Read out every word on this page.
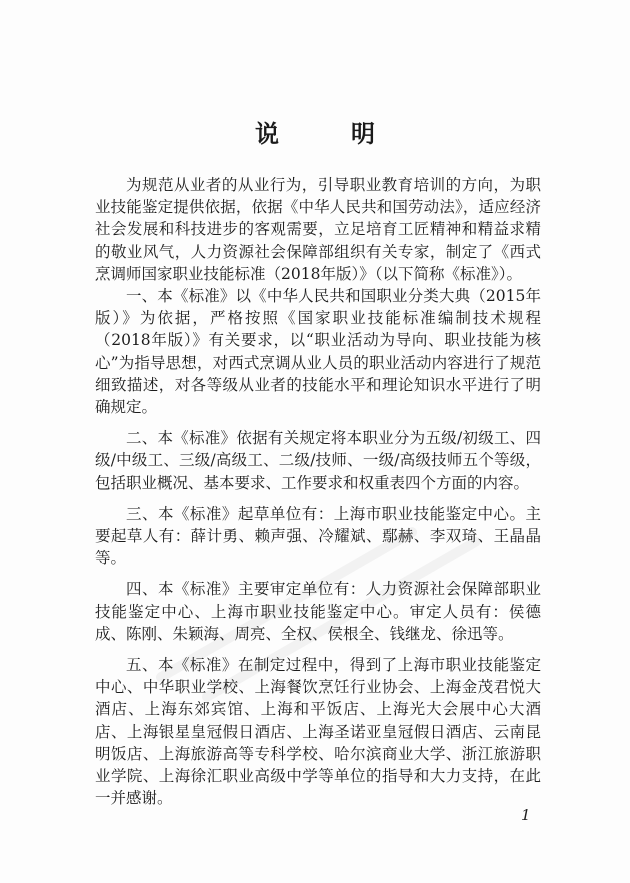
说　明

为规范从业者的从业行为，引导职业教育培训的方向，为职业技能鉴定提供依据，依据《中华人民共和国劳动法》，适应经济社会发展和科技进步的客观需要，立足培育工匠精神和精益求精的敬业风气，人力资源社会保障部组织有关专家，制定了《西式烹调师国家职业技能标准（2018年版）》（以下简称《标准》）。

一、本《标准》以《中华人民共和国职业分类大典（2015年版）》为依据，严格按照《国家职业技能标准编制技术规程（2018年版）》有关要求，以“职业活动为导向、职业技能为核心”为指导思想，对西式烹调从业人员的职业活动内容进行了规范细致描述，对各等级从业者的技能水平和理论知识水平进行了明确规定。

二、本《标准》依据有关规定将本职业分为五级/初级工、四级/中级工、三级/高级工、二级/技师、一级/高级技师五个等级，包括职业概况、基本要求、工作要求和权重表四个方面的内容。

三、本《标准》起草单位有：上海市职业技能鉴定中心。主要起草人有：薛计勇、赖声强、冷耀斌、鄢赫、李双琦、王晶晶等。

四、本《标准》主要审定单位有：人力资源社会保障部职业技能鉴定中心、上海市职业技能鉴定中心。审定人员有：侯德成、陈刚、朱颖海、周亮、全权、侯根全、钱继龙、徐迅等。

五、本《标准》在制定过程中，得到了上海市职业技能鉴定中心、中华职业学校、上海餐饮烹饪行业协会、上海金茂君悦大酒店、上海东郊宾馆、上海和平饭店、上海光大会展中心大酒店、上海银星皇冠假日酒店、上海圣诺亚皇冠假日酒店、云南昆明饭店、上海旅游高等专科学校、哈尔滨商业大学、浙江旅游职业学院、上海徐汇职业高级中学等单位的指导和大力支持，在此一并感谢。

1
